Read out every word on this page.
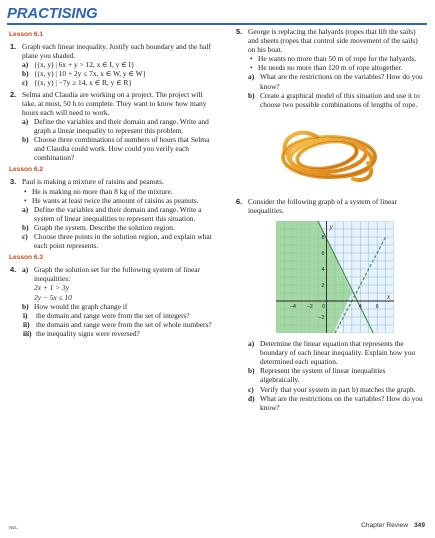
PRACTISING
Lesson 6.1
1. Graph each linear inequality. Justify each boundary and the half plane you shaded.
a) {(x, y) | 6x + y > 12, x ∈ I, y ∈ I}
b) {(x, y) | 10 + 2y ≤ 7x, x ∈ W, y ∈ W}
c) {(x, y) | −7y ≥ 14, x ∈ R, y ∈ R}
2. Selma and Claudia are working on a project. The project will take, at most, 50 h to complete. They want to know how many hours each will need to work.
a) Define the variables and their domain and range. Write and graph a linear inequality to represent this problem.
b) Choose three combinations of numbers of hours that Selma and Claudia could work. How could you verify each combination?
Lesson 6.2
3. Paul is making a mixture of raisins and peanuts.
• He is making no more than 8 kg of the mixture.
• He wants at least twice the amount of raisins as peanuts.
a) Define the variables and their domain and range. Write a system of linear inequalities to represent this situation.
b) Graph the system. Describe the solution region.
c) Choose three points in the solution region, and explain what each point represents.
Lesson 6.3
4. a) Graph the solution set for the following system of linear inequalities:
2x + 1 > 3y
2y − 5x ≤ 10
b) How would the graph change if
i) the domain and range were from the set of integers?
ii) the domain and range were from the set of whole numbers?
iii) the inequality signs were reversed?
5. George is replacing the halyards (ropes that lift the sails) and sheets (ropes that control side movement of the sails) on his boat.
• He wants no more than 50 m of rope for the halyards.
• He needs no more than 120 m of rope altogether.
a) What are the restrictions on the variables? How do you know?
b) Create a graphical model of this situation and use it to choose two possible combinations of lengths of rope.
6. Consider the following graph of a system of linear inequalities.
y
x
8
6
4
2
−2
−4 −2 0	4	6
a) Determine the linear equation that represents the boundary of each linear inequality. Explain how you determined each equation.
b) Represent the system of linear inequalities algebraically.
c) Verify that your system in part b) matches the graph.
d) What are the restrictions on the variables? How do you know?
NEL	Chapter Review 349
